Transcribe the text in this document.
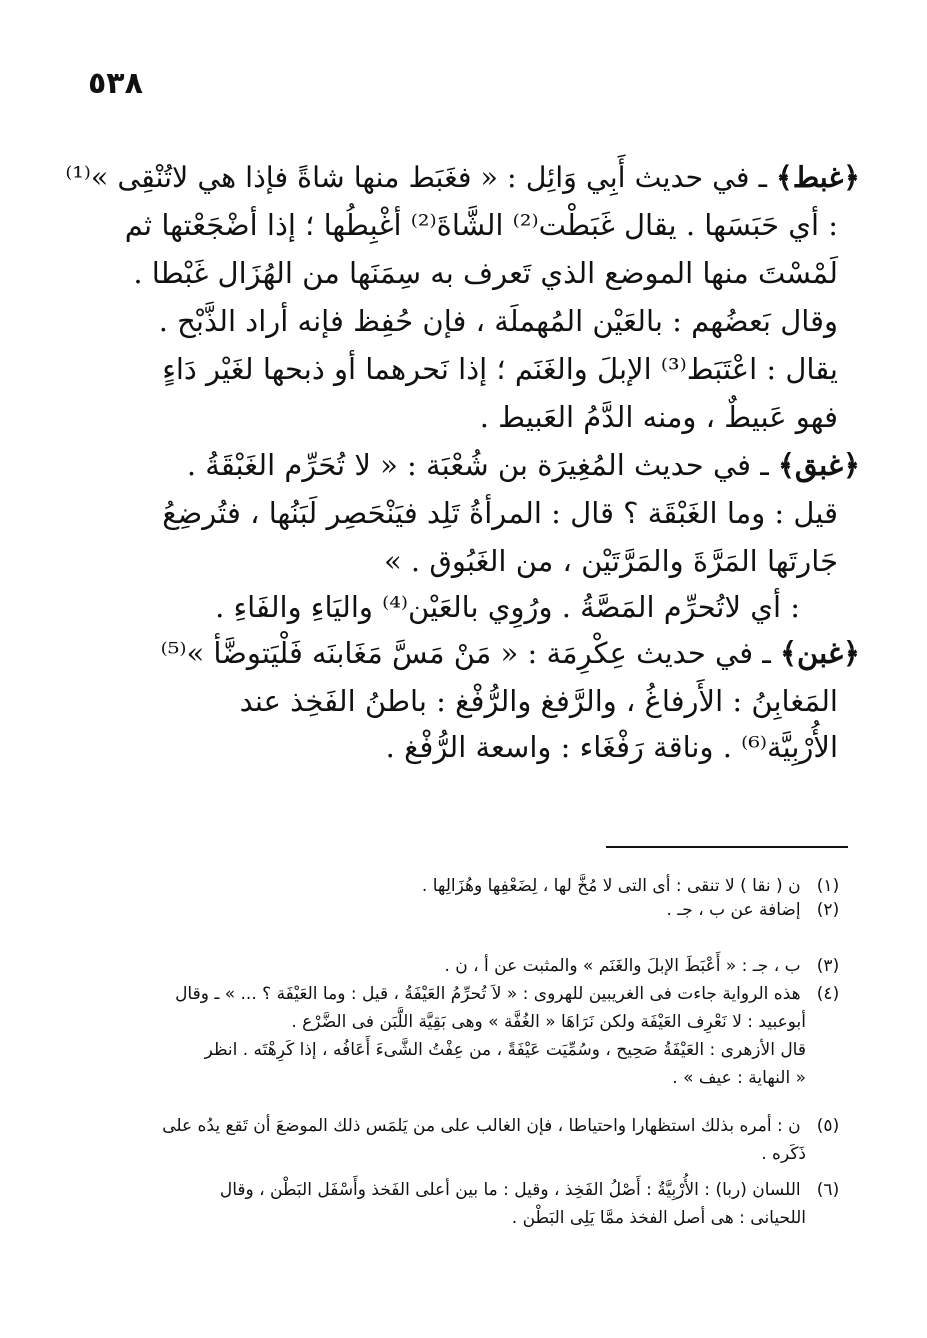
٥٣٨
﴿غبط﴾ ـ في حديث أَبِي وَائِل : « فغَبَط منها شاةً فإذا هي لاتُنْقِى »⁽¹⁾
: أي حَبَسَها . يقال غَبَطْت⁽²⁾ الشَّاةَ⁽²⁾ أغْبِطُها ؛ إذا أضْجَعْتها ثم
لَمْسْتَ منها الموضع الذي تَعرف به سِمَنَها من الهُزَال غَبْطا .
وقال بَعضُهم : بالعَيْن المُهملَة ، فإن حُفِظ فإنه أراد الذَّبْح .
يقال : اعْتَبَط⁽³⁾ الإبلَ والغَنَم ؛ إذا نَحرهما أو ذبحها لغَيْر دَاءٍ
فهو عَبيطٌ ، ومنه الدَّمُ العَبيط .
﴿غبق﴾ ـ في حديث المُغِيرَة بن شُعْبَة : « لا تُحَرِّم الغَبْقَةُ .
قيل : وما الغَبْقَة ؟ قال : المرأةُ تَلِد فيَنْحَصِر لَبَنُها ، فتُرضِعُ
جَارتَها المَرَّةَ والمَرَّتَيْن ، من الغَبُوق . »
: أي لاتُحرِّم المَصَّةُ . ورُوِي بالعَيْن⁽⁴⁾ واليَاءِ والفَاءِ .
﴿غبن﴾ ـ في حديث عِكْرِمَة : « مَنْ مَسَّ مَغَابنَه فَلْيَتوضَّأ »⁽⁵⁾
المَغابِنُ : الأَرفاغُ ، والرَّفغ والرُّفْغ : باطنُ الفَخِذ عند
الأُرْبِيَّة⁽⁶⁾ . وناقة رَفْغَاء : واسعة الرُّفْغ .
(١) ن ( نقا ) لا تنقى : أى التى لا مُخَّ لها ، لِضَعْفِها وهُزَالِها .
(٢) إضافة عن ب ، جـ .
(٣) ب ، جـ : « أَعْبَطَ الإبلَ والغَنَم » والمثبت عن أ ، ن .
(٤) هذه الرواية جاءت فى الغريبين للهروى : « لاَ تُحرِّمُ العَيْفَةُ ، قيل : وما العَيْفَة ؟ ... » ـ وقال
أبوعبيد : لا نَعْرِف العَيْفَة ولكن نَرَاهَا « الغُفَّة » وهى بَقِيَّة اللَّبَن فى الضَّرْع .
قال الأزهرى : العَيْفَةُ صَحِيح ، وسُمِّيَت عَيْفَةً ، من عِفْتُ الشَّىءَ أَعَافُه ، إذا كَرِهْتَه . انظر
« النهاية : عيف » .
(٥) ن : أمره بذلك استظهارا واحتياطا ، فإن الغالب على من يَلمَس ذلك الموضعَ أن تَقع يدُه على
ذَكَره .
(٦) اللسان (ربا) : الأُرْبِيَّةُ : أَصْلُ الفَخِذ ، وقيل : ما بين أعلى الفَخذ وأَسْفَل البَطْن ، وقال
اللحيانى : هى أصل الفخذ ممَّا يَلِى البَطْن .
